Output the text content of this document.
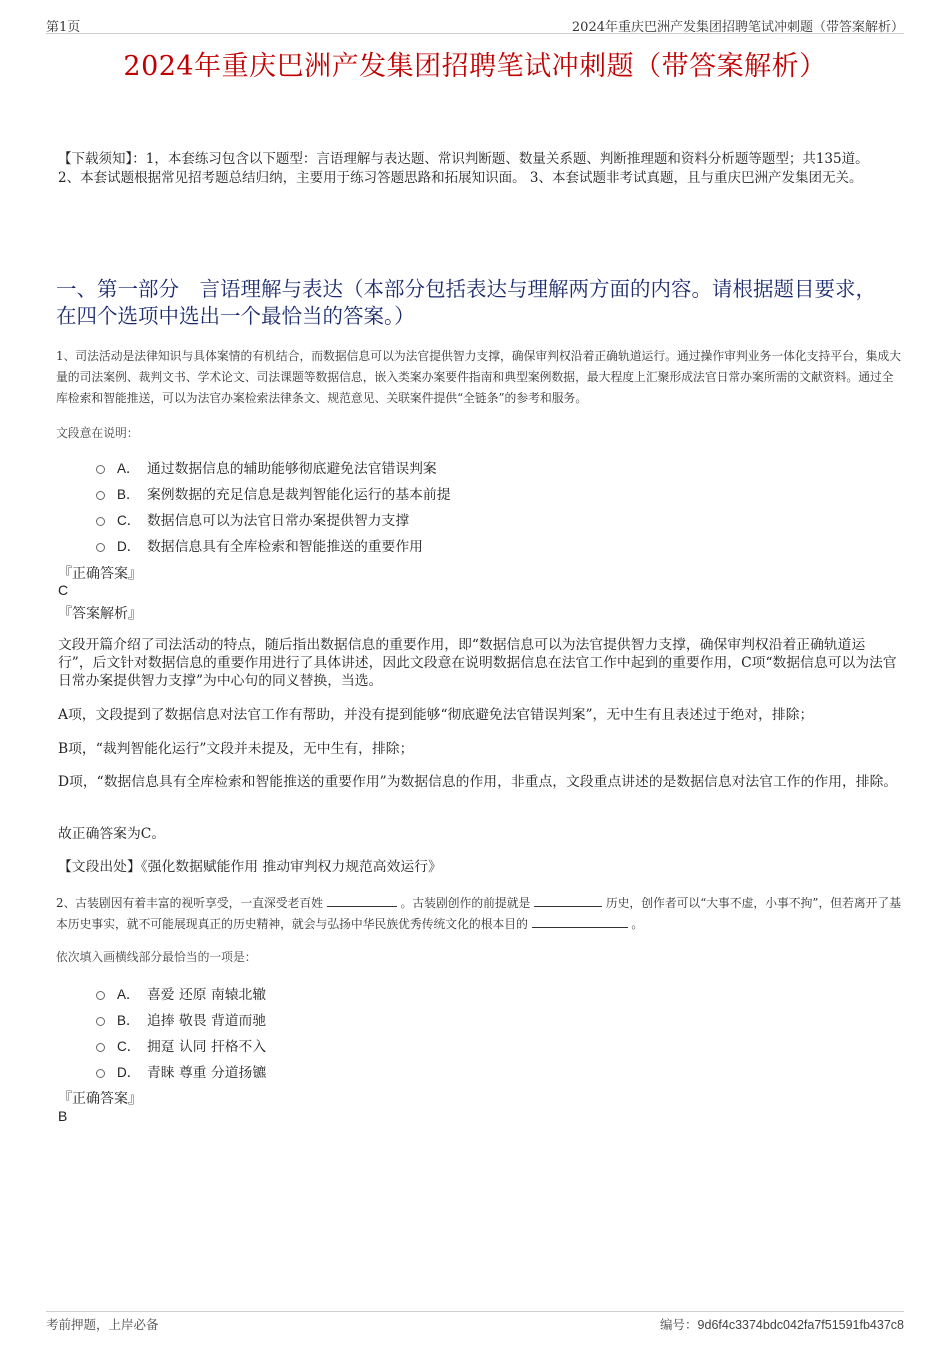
第1页	2024年重庆巴洲产发集团招聘笔试冲刺题（带答案解析）
2024年重庆巴洲产发集团招聘笔试冲刺题（带答案解析）
【下载须知】：1，本套练习包含以下题型：言语理解与表达题、常识判断题、数量关系题、判断推理题和资料分析题等题型；共135道。 2、本套试题根据常见招考题总结归纳，主要用于练习答题思路和拓展知识面。 3、本套试题非考试真题，且与重庆巴洲产发集团无关。
一、第一部分　言语理解与表达（本部分包括表达与理解两方面的内容。请根据题目要求，在四个选项中选出一个最恰当的答案。）
1、司法活动是法律知识与具体案情的有机结合，而数据信息可以为法官提供智力支撑，确保审判权沿着正确轨道运行。通过操作审判业务一体化支持平台，集成大量的司法案例、裁判文书、学术论文、司法课题等数据信息，嵌入类案办案要件指南和典型案例数据，最大程度上汇聚形成法官日常办案所需的文献资料。通过全库检索和智能推送，可以为法官办案检索法律条文、规范意见、关联案件提供“全链条”的参考和服务。
文段意在说明：
A． 通过数据信息的辅助能够彻底避免法官错误判案
B． 案例数据的充足信息是裁判智能化运行的基本前提
C． 数据信息可以为法官日常办案提供智力支撑
D． 数据信息具有全库检索和智能推送的重要作用
『正确答案』
C
『答案解析』
文段开篇介绍了司法活动的特点，随后指出数据信息的重要作用，即“数据信息可以为法官提供智力支撑，确保审判权沿着正确轨道运行”，后文针对数据信息的重要作用进行了具体讲述，因此文段意在说明数据信息在法官工作中起到的重要作用，C项“数据信息可以为法官日常办案提供智力支撑”为中心句的同义替换，当选。
A项，文段提到了数据信息对法官工作有帮助，并没有提到能够“彻底避免法官错误判案”，无中生有且表述过于绝对，排除；
B项，“裁判智能化运行”文段并未提及，无中生有，排除；
D项，“数据信息具有全库检索和智能推送的重要作用”为数据信息的作用，非重点，文段重点讲述的是数据信息对法官工作的作用，排除。
故正确答案为C。
【文段出处】《强化数据赋能作用 推动审判权力规范高效运行》
2、古装剧因有着丰富的视听享受，一直深受老百姓	。古装剧创作的前提就是	历史，创作者可以“大事不虚，小事不拘”，但若离开了基本历史事实，就不可能展现真正的历史精神，就会与弘扬中华民族优秀传统文化的根本目的	。
依次填入画横线部分最恰当的一项是：
A． 喜爱 还原 南辕北辙
B． 追捧 敬畏 背道而驰
C． 拥趸 认同 扞格不入
D． 青睐 尊重 分道扬镳
『正确答案』
B
考前押题，上岸必备	编号：9d6f4c3374bdc042fa7f51591fb437c8
